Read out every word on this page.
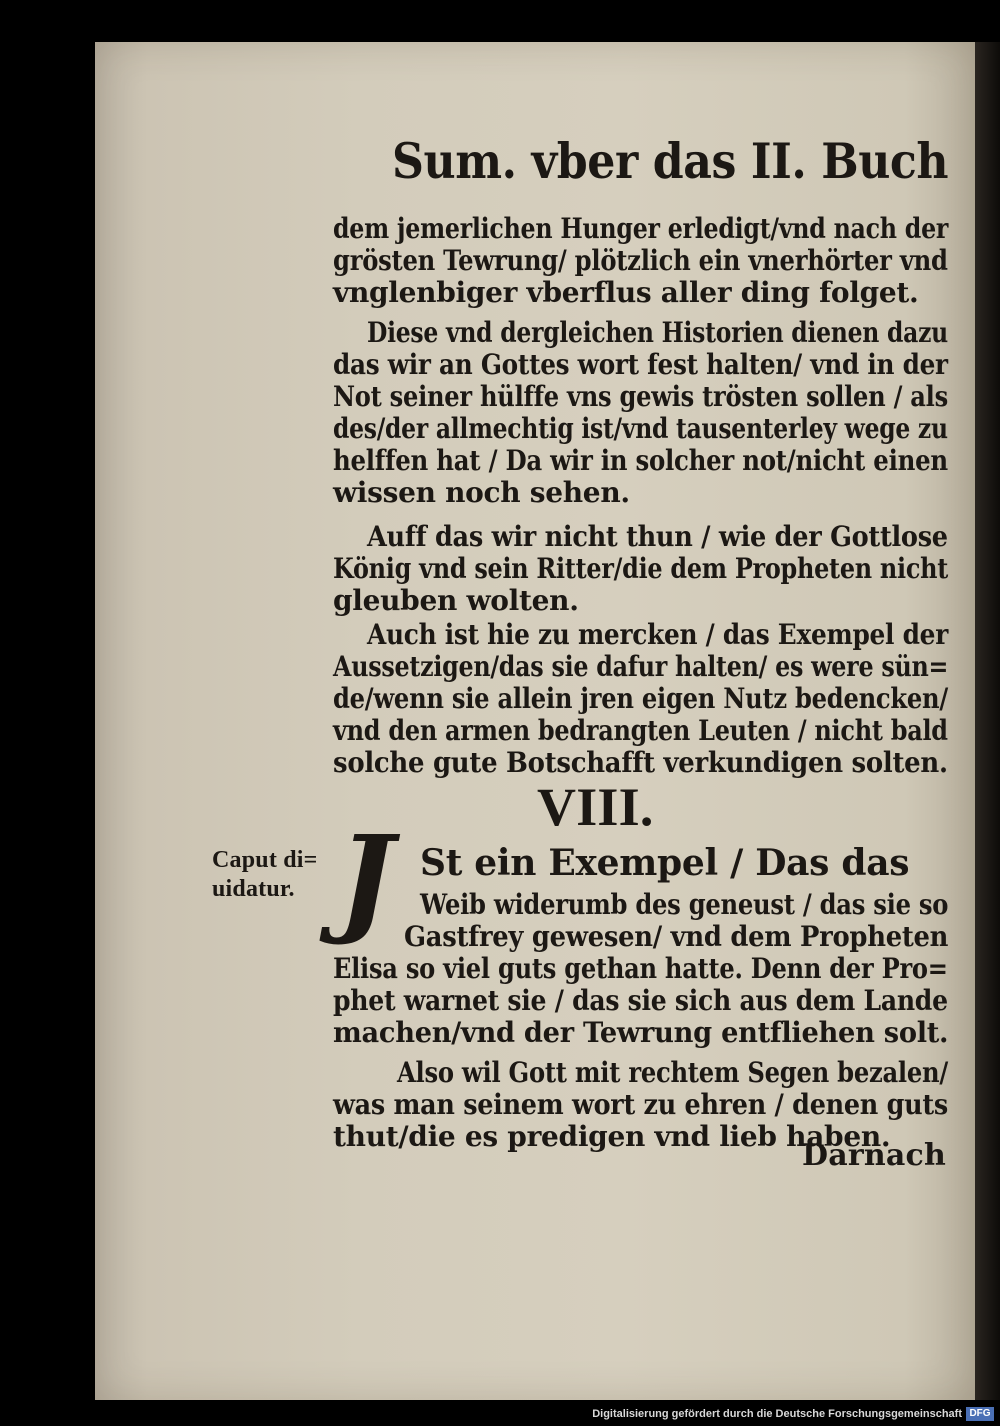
Sum. vber das II. Buch
dem jemerlichen Hunger erledigt/vnd nach der
grösten Tewrung/ plötzlich ein vnerhörter vnd
vnglenbiger vberflus aller ding folget.
Diese vnd dergleichen Historien dienen dazu
das wir an Gottes wort fest halten/ vnd in der
Not seiner hülffe vns gewis trösten sollen / als
des/der allmechtig ist/vnd tausenterley wege zu
helffen hat / Da wir in solcher not/nicht einen
wissen noch sehen.
Auff das wir nicht thun / wie der Gottlose
König vnd sein Ritter/die dem Propheten nicht
gleuben wolten.
Auch ist hie zu mercken / das Exempel der
Aussetzigen/das sie dafur halten/ es were sün=
de/wenn sie allein jren eigen Nutz bedencken/
vnd den armen bedrangten Leuten / nicht bald
solche gute Botschafft verkundigen solten.
VIII.
Caput di= uidatur. J St ein Exempel / Das das
Weib widerumb des geneust / das sie so
Gastfrey gewesen/ vnd dem Propheten
Elisa so viel guts gethan hatte. Denn der Pro=
phet warnet sie / das sie sich aus dem Lande
machen/vnd der Tewrung entfliehen solt.
Also wil Gott mit rechtem Segen bezalen/
was man seinem wort zu ehren / denen guts
thut/die es predigen vnd lieb haben.
Darnach
Digitalisierung gefördert durch die Deutsche Forschungsgemeinschaft DFG
